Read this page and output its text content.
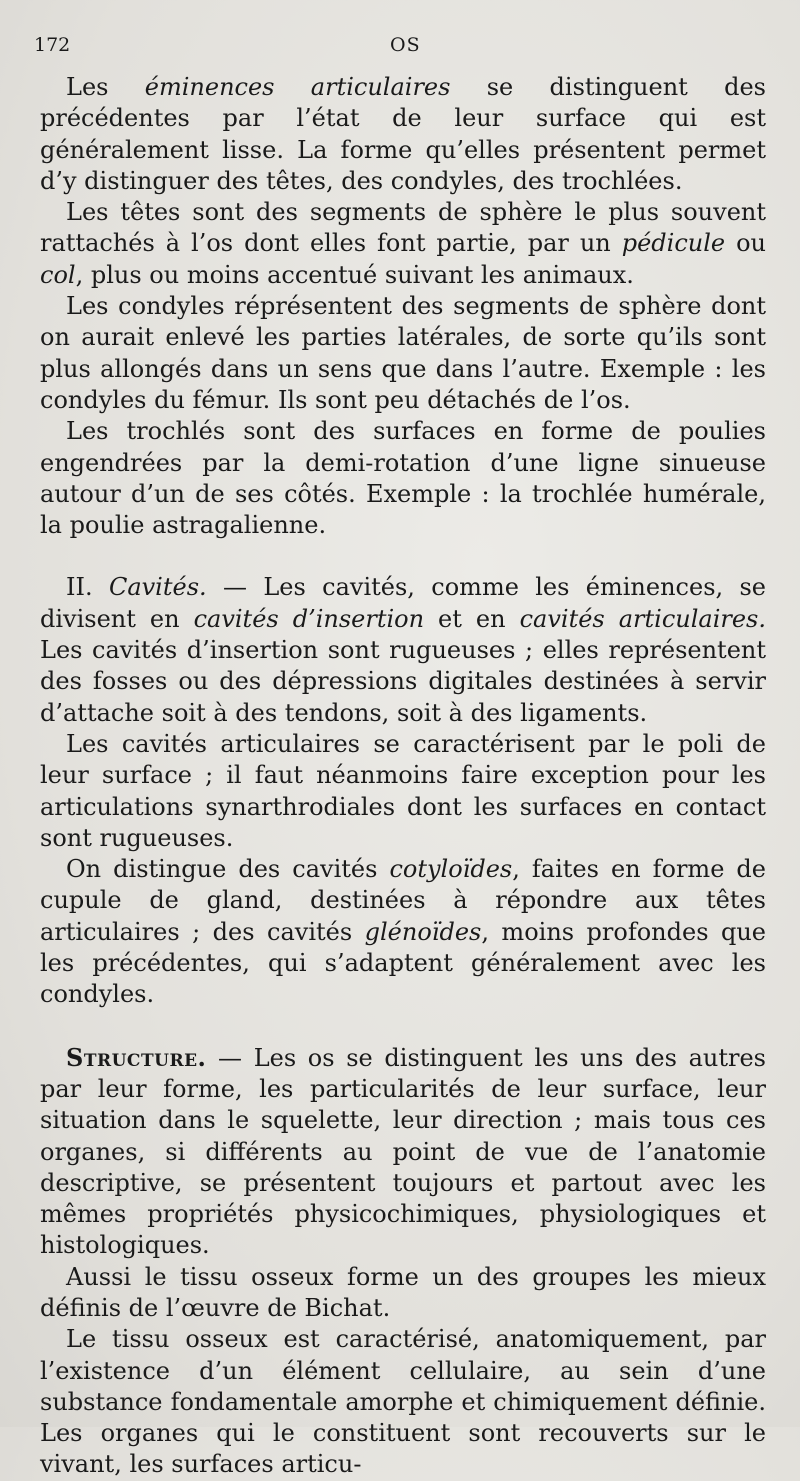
172	OS

Les éminences articulaires se distinguent des précédentes par l’état de leur surface qui est généralement lisse. La forme qu’elles présentent permet d’y distinguer des têtes, des condyles, des trochlées.

Les têtes sont des segments de sphère le plus souvent rattachés à l’os dont elles font partie, par un pédicule ou col, plus ou moins accentué suivant les animaux.

Les condyles réprésentent des segments de sphère dont on aurait enlevé les parties latérales, de sorte qu’ils sont plus allongés dans un sens que dans l’autre. Exemple : les condyles du fémur. Ils sont peu détachés de l’os.

Les trochlés sont des surfaces en forme de poulies engendrées par la demi-rotation d’une ligne sinueuse autour d’un de ses côtés. Exemple : la trochlée humérale, la poulie astragalienne.

II. Cavités. — Les cavités, comme les éminences, se divisent en cavités d’insertion et en cavités articulaires. Les cavités d’insertion sont rugueuses ; elles représentent des fosses ou des dépressions digitales destinées à servir d’attache soit à des tendons, soit à des ligaments.

Les cavités articulaires se caractérisent par le poli de leur surface ; il faut néanmoins faire exception pour les articulations synarthrodiales dont les surfaces en contact sont rugueuses.

On distingue des cavités cotyloïdes, faites en forme de cupule de gland, destinées à répondre aux têtes articulaires ; des cavités glénoïdes, moins profondes que les précédentes, qui s’adaptent généralement avec les condyles.

Structure. — Les os se distinguent les uns des autres par leur forme, les particularités de leur surface, leur situation dans le squelette, leur direction ; mais tous ces organes, si différents au point de vue de l’anatomie descriptive, se présentent toujours et partout avec les mêmes propriétés physicochimiques, physiologiques et histologiques.

Aussi le tissu osseux forme un des groupes les mieux définis de l’œuvre de Bichat.

Le tissu osseux est caractérisé, anatomiquement, par l’existence d’un élément cellulaire, au sein d’une substance fondamentale amorphe et chimiquement définie. Les organes qui le constituent sont recouverts sur le vivant, les surfaces articu-
